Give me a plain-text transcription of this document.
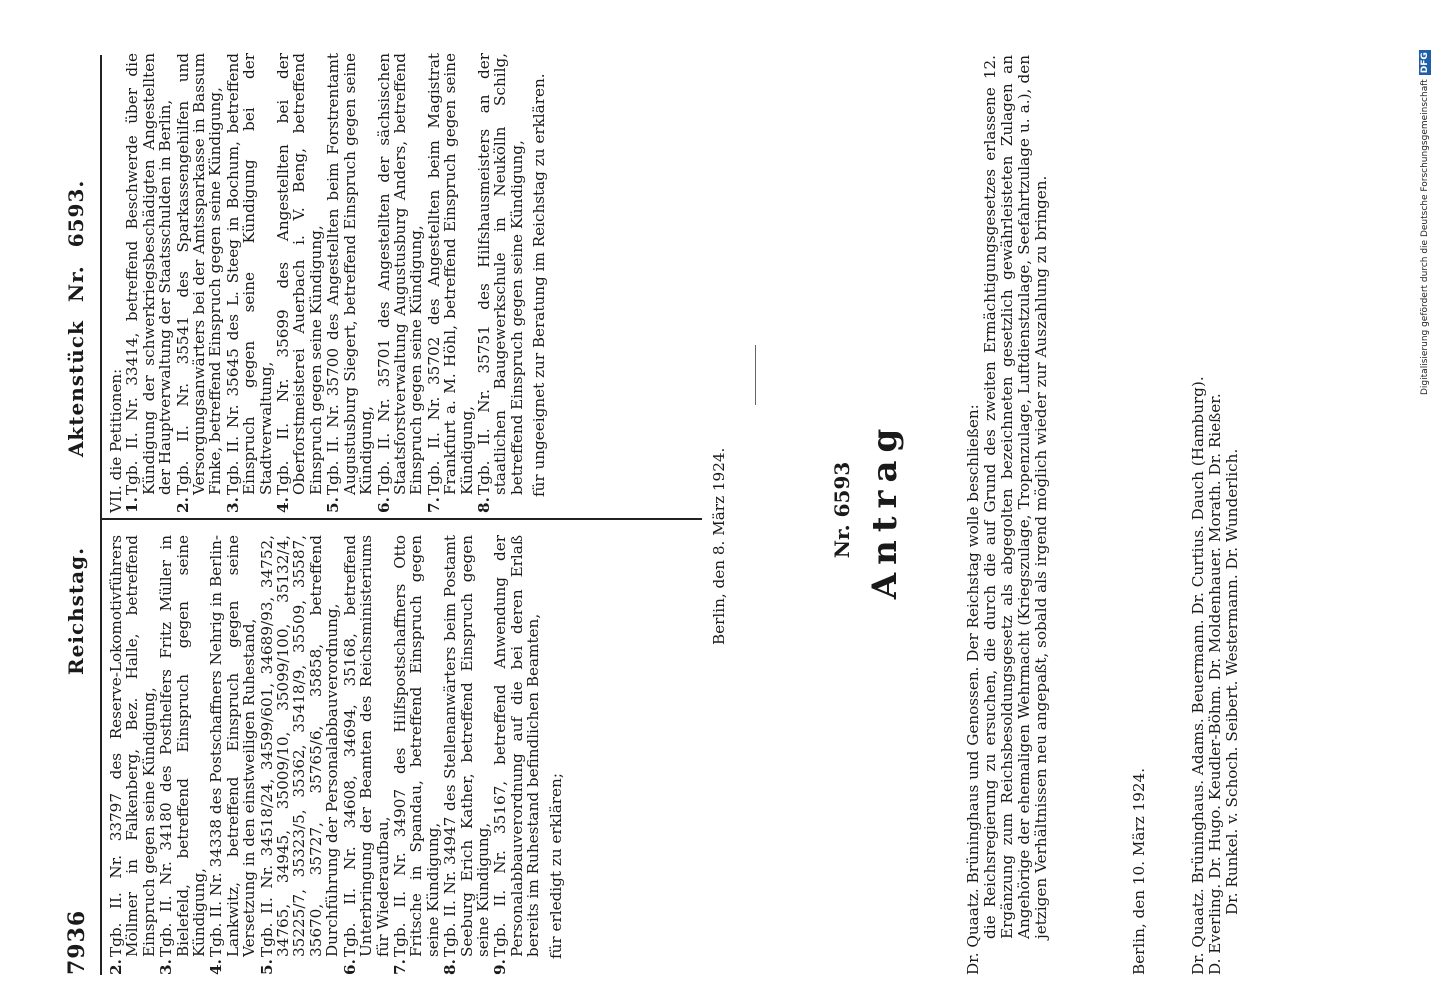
7936
Reichstag.     Aktenstück Nr. 6593.
2.
Tgb. II. Nr. 33797 des Reserve-Lokomotivführers Möllmer in Falkenberg, Bez. Halle, betreffend Einspruch gegen seine Kündigung,
3.
Tgb. II. Nr. 34180 des Posthelfers Fritz Müller in Bielefeld, betreffend Einspruch gegen seine Kündigung,
4.
Tgb. II. Nr. 34338 des Postschaffners Nehrig in Berlin-Lankwitz, betreffend Einspruch gegen seine Versetzung in den einstweiligen Ruhestand,
5.
Tgb. II. Nr. 34518/24, 34599/601, 34689/93, 34752, 34765, 34945, 35009/10, 35099/100, 35132/4, 35225/7, 35323/5, 35362, 35418/9, 35509, 35587, 35670, 35727, 35765/6, 35858, betreffend Durchführung der Personalabbauverordnung,
6.
Tgb. II. Nr. 34608, 34694, 35168, betreffend Unterbringung der Beamten des Reichsministeriums für Wiederaufbau,
7.
Tgb. II. Nr. 34907 des Hilfspostschaffners Otto Fritsche in Spandau, betreffend Einspruch gegen seine Kündigung,
8.
Tgb. II. Nr. 34947 des Stellenanwärters beim Postamt Seeburg Erich Kather, betreffend Einspruch gegen seine Kündigung,
9.
Tgb. II. Nr. 35167, betreffend Anwendung der Personalabbauverordnung auf die bei deren Erlaß bereits im Ruhestand befindlichen Beamten, für erledigt zu erklären;
VII. die Petitionen:
1.
Tgb. II. Nr. 33414, betreffend Beschwerde über die Kündigung der schwerkriegsbeschädigten Angestellten der Hauptverwaltung der Staatsschulden in Berlin,
2.
Tgb. II. Nr. 35541 des Sparkassengehilfen und Versorgungsanwärters bei der Amtssparkasse in Bassum Finke, betreffend Einspruch gegen seine Kündigung,
3.
Tgb. II. Nr. 35645 des L. Steeg in Bochum, betreffend Einspruch gegen seine Kündigung bei der Stadtverwaltung,
4.
Tgb. II. Nr. 35699 des Angestellten bei der Oberforstmeisterei Auerbach i. V. Beng, betreffend Einspruch gegen seine Kündigung,
5.
Tgb. II. Nr. 35700 des Angestellten beim Forstrentamt Augustusburg Siegert, betreffend Einspruch gegen seine Kündigung,
6.
Tgb. II. Nr. 35701 des Angestellten der sächsischen Staatsforstverwaltung Augustusburg Anders, betreffend Einspruch gegen seine Kündigung,
7.
Tgb. II. Nr. 35702 des Angestellten beim Magistrat Frankfurt a. M. Höhl, betreffend Einspruch gegen seine Kündigung,
8.
Tgb. II. Nr. 35751 des Hilfshausmeisters an der staatlichen Baugewerkschule in Neukölln Schilg, betreffend Einspruch gegen seine Kündigung, für ungeeignet zur Beratung im Reichstag zu erklären.
Berlin, den 8. März 1924.	Nr. 6593 Antrag	Dr. Quaatz. Brüninghaus und Genossen. Der Reichstag wolle beschließen: die Reichsregierung zu ersuchen, die durch die auf Grund des zweiten Ermächtigungsgesetzes erlassene 12. Ergänzung zum Reichsbesoldungsgesetz als abgegolten bezeichneten gesetzlich gewährleisteten Zulagen an Angehörige der ehemaligen Wehrmacht (Kriegszulage, Tropenzulage, Luftdienstzulage, Seefahrtzulage u. a.), den jetzigen Verhältnissen neu angepaßt, sobald als irgend möglich wieder zur Auszahlung zu bringen.	Berlin, den 10. März 1924.	Dr. Quaatz. Brüninghaus. Adams. Beuermann. Dr. Curtius. Dauch (Hamburg). D. Everling. Dr. Hugo. Keudler-Böhm. Dr. Moldenhauer. Morath. Dr. Rießer. Dr. Runkel. v. Schoch. Seibert. Westermann. Dr. Wunderlich.
Digitalisierung gefördert durch die Deutsche Forschungsgemeinschaft
DFG
